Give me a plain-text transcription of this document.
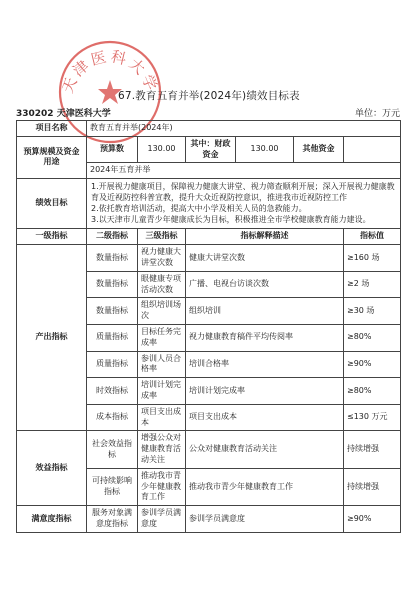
天津医科大学
67.教育五育并举(2024年)绩效目标表
330202 天津医科大学	单位：万元
项目名称	教育五育并举(2024年)					
预算规模及资金用途	预算数	130.00	其中：财政资金	130.00	其他资金	
	2024年五育并举					
绩效目标	1.开展视力健康项目，保障视力健康大讲堂、视力筛查顺利开展；深入开展视力健康教育及近视防控科普宣教，提升大众近视防控意识，推进我市近视防控工作
2.依托教育培训活动，提高大中小学及相关人员的急救能力。
3.以天津市儿童青少年健康成长为目标，积极推进全市学校健康教育能力建设。					

一级指标	二级指标	三级指标	指标解释描述			指标值
产出指标	数量指标	视力健康大讲堂次数	健康大讲堂次数			≥160 场
	数量指标	眼健康专项活动次数	广播、电视台访谈次数			≥2 场
	数量指标	组织培训场次	组织培训			≥30 场
	质量指标	目标任务完成率	视力健康教育稿件平均传阅率			≥80%
	质量指标	参训人员合格率	培训合格率			≥90%
	时效指标	培训计划完成率	培训计划完成率			≥80%
	成本指标	项目支出成本	项目支出成本			≤130 万元
效益指标	社会效益指标	增强公众对健康教育活动关注	公众对健康教育活动关注			持续增强
	可持续影响指标	推动我市青少年健康教育工作	推动我市青少年健康教育工作			持续增强
满意度指标	服务对象满意度指标	参训学员满意度	参训学员满意度			≥90%
